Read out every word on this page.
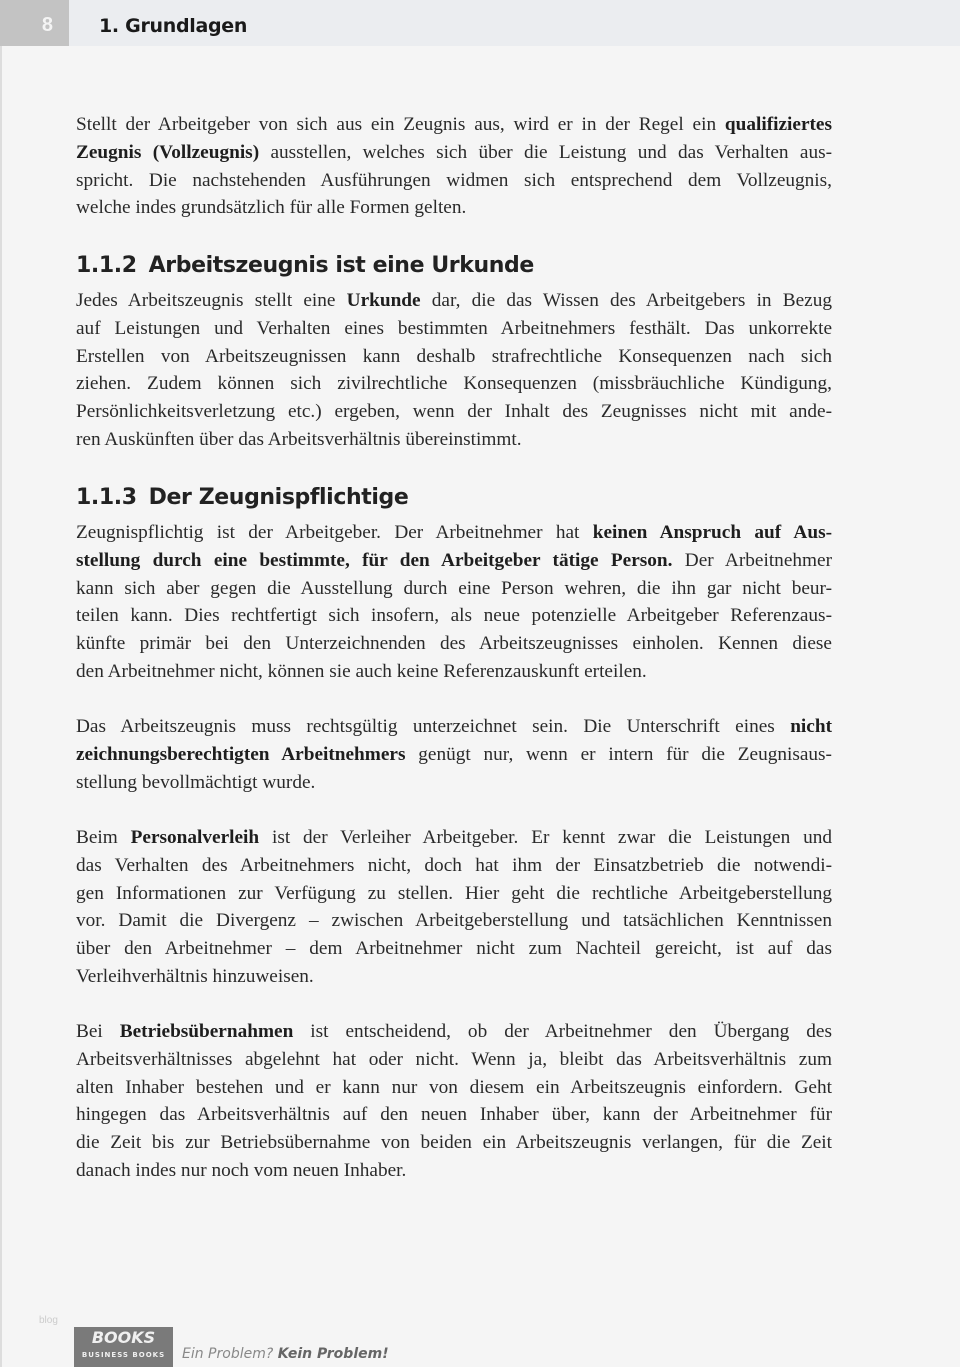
8	1. Grundlagen
Stellt der Arbeitgeber von sich aus ein Zeugnis aus, wird er in der Regel ein qualifiziertes
Zeugnis (Vollzeugnis) ausstellen, welches sich über die Leistung und das Verhalten aus-
spricht. Die nachstehenden Ausführungen widmen sich entsprechend dem Vollzeugnis,
welche indes grundsätzlich für alle Formen gelten.
1.1.2 Arbeitszeugnis ist eine Urkunde
Jedes Arbeitszeugnis stellt eine Urkunde dar, die das Wissen des Arbeitgebers in Bezug
auf Leistungen und Verhalten eines bestimmten Arbeitnehmers festhält. Das unkorrekte
Erstellen von Arbeitszeugnissen kann deshalb strafrechtliche Konsequenzen nach sich
ziehen. Zudem können sich zivilrechtliche Konsequenzen (missbräuchliche Kündigung,
Persönlichkeitsverletzung etc.) ergeben, wenn der Inhalt des Zeugnisses nicht mit ande-
ren Auskünften über das Arbeitsverhältnis übereinstimmt.
1.1.3 Der Zeugnispflichtige
Zeugnispflichtig ist der Arbeitgeber. Der Arbeitnehmer hat keinen Anspruch auf Aus-
stellung durch eine bestimmte, für den Arbeitgeber tätige Person. Der Arbeitnehmer
kann sich aber gegen die Ausstellung durch eine Person wehren, die ihn gar nicht beur-
teilen kann. Dies rechtfertigt sich insofern, als neue potenzielle Arbeitgeber Referenzaus-
künfte primär bei den Unterzeichnenden des Arbeitszeugnisses einholen. Kennen diese
den Arbeitnehmer nicht, können sie auch keine Referenzauskunft erteilen.
Das Arbeitszeugnis muss rechtsgültig unterzeichnet sein. Die Unterschrift eines nicht
zeichnungsberechtigten Arbeitnehmers genügt nur, wenn er intern für die Zeugnisaus-
stellung bevollmächtigt wurde.
Beim Personalverleih ist der Verleiher Arbeitgeber. Er kennt zwar die Leistungen und
das Verhalten des Arbeitnehmers nicht, doch hat ihm der Einsatzbetrieb die notwendi-
gen Informationen zur Verfügung zu stellen. Hier geht die rechtliche Arbeitgeberstellung
vor. Damit die Divergenz – zwischen Arbeitgeberstellung und tatsächlichen Kenntnissen
über den Arbeitnehmer – dem Arbeitnehmer nicht zum Nachteil gereicht, ist auf das
Verleihverhältnis hinzuweisen.
Bei Betriebsübernahmen ist entscheidend, ob der Arbeitnehmer den Übergang des
Arbeitsverhältnisses abgelehnt hat oder nicht. Wenn ja, bleibt das Arbeitsverhältnis zum
alten Inhaber bestehen und er kann nur von diesem ein Arbeitszeugnis einfordern. Geht
hingegen das Arbeitsverhältnis auf den neuen Inhaber über, kann der Arbeitnehmer für
die Zeit bis zur Betriebsübernahme von beiden ein Arbeitszeugnis verlangen, für die Zeit
danach indes nur noch vom neuen Inhaber.
blog
BOOKS
BUSINESS BOOKS	Ein Problem? Kein Problem!
